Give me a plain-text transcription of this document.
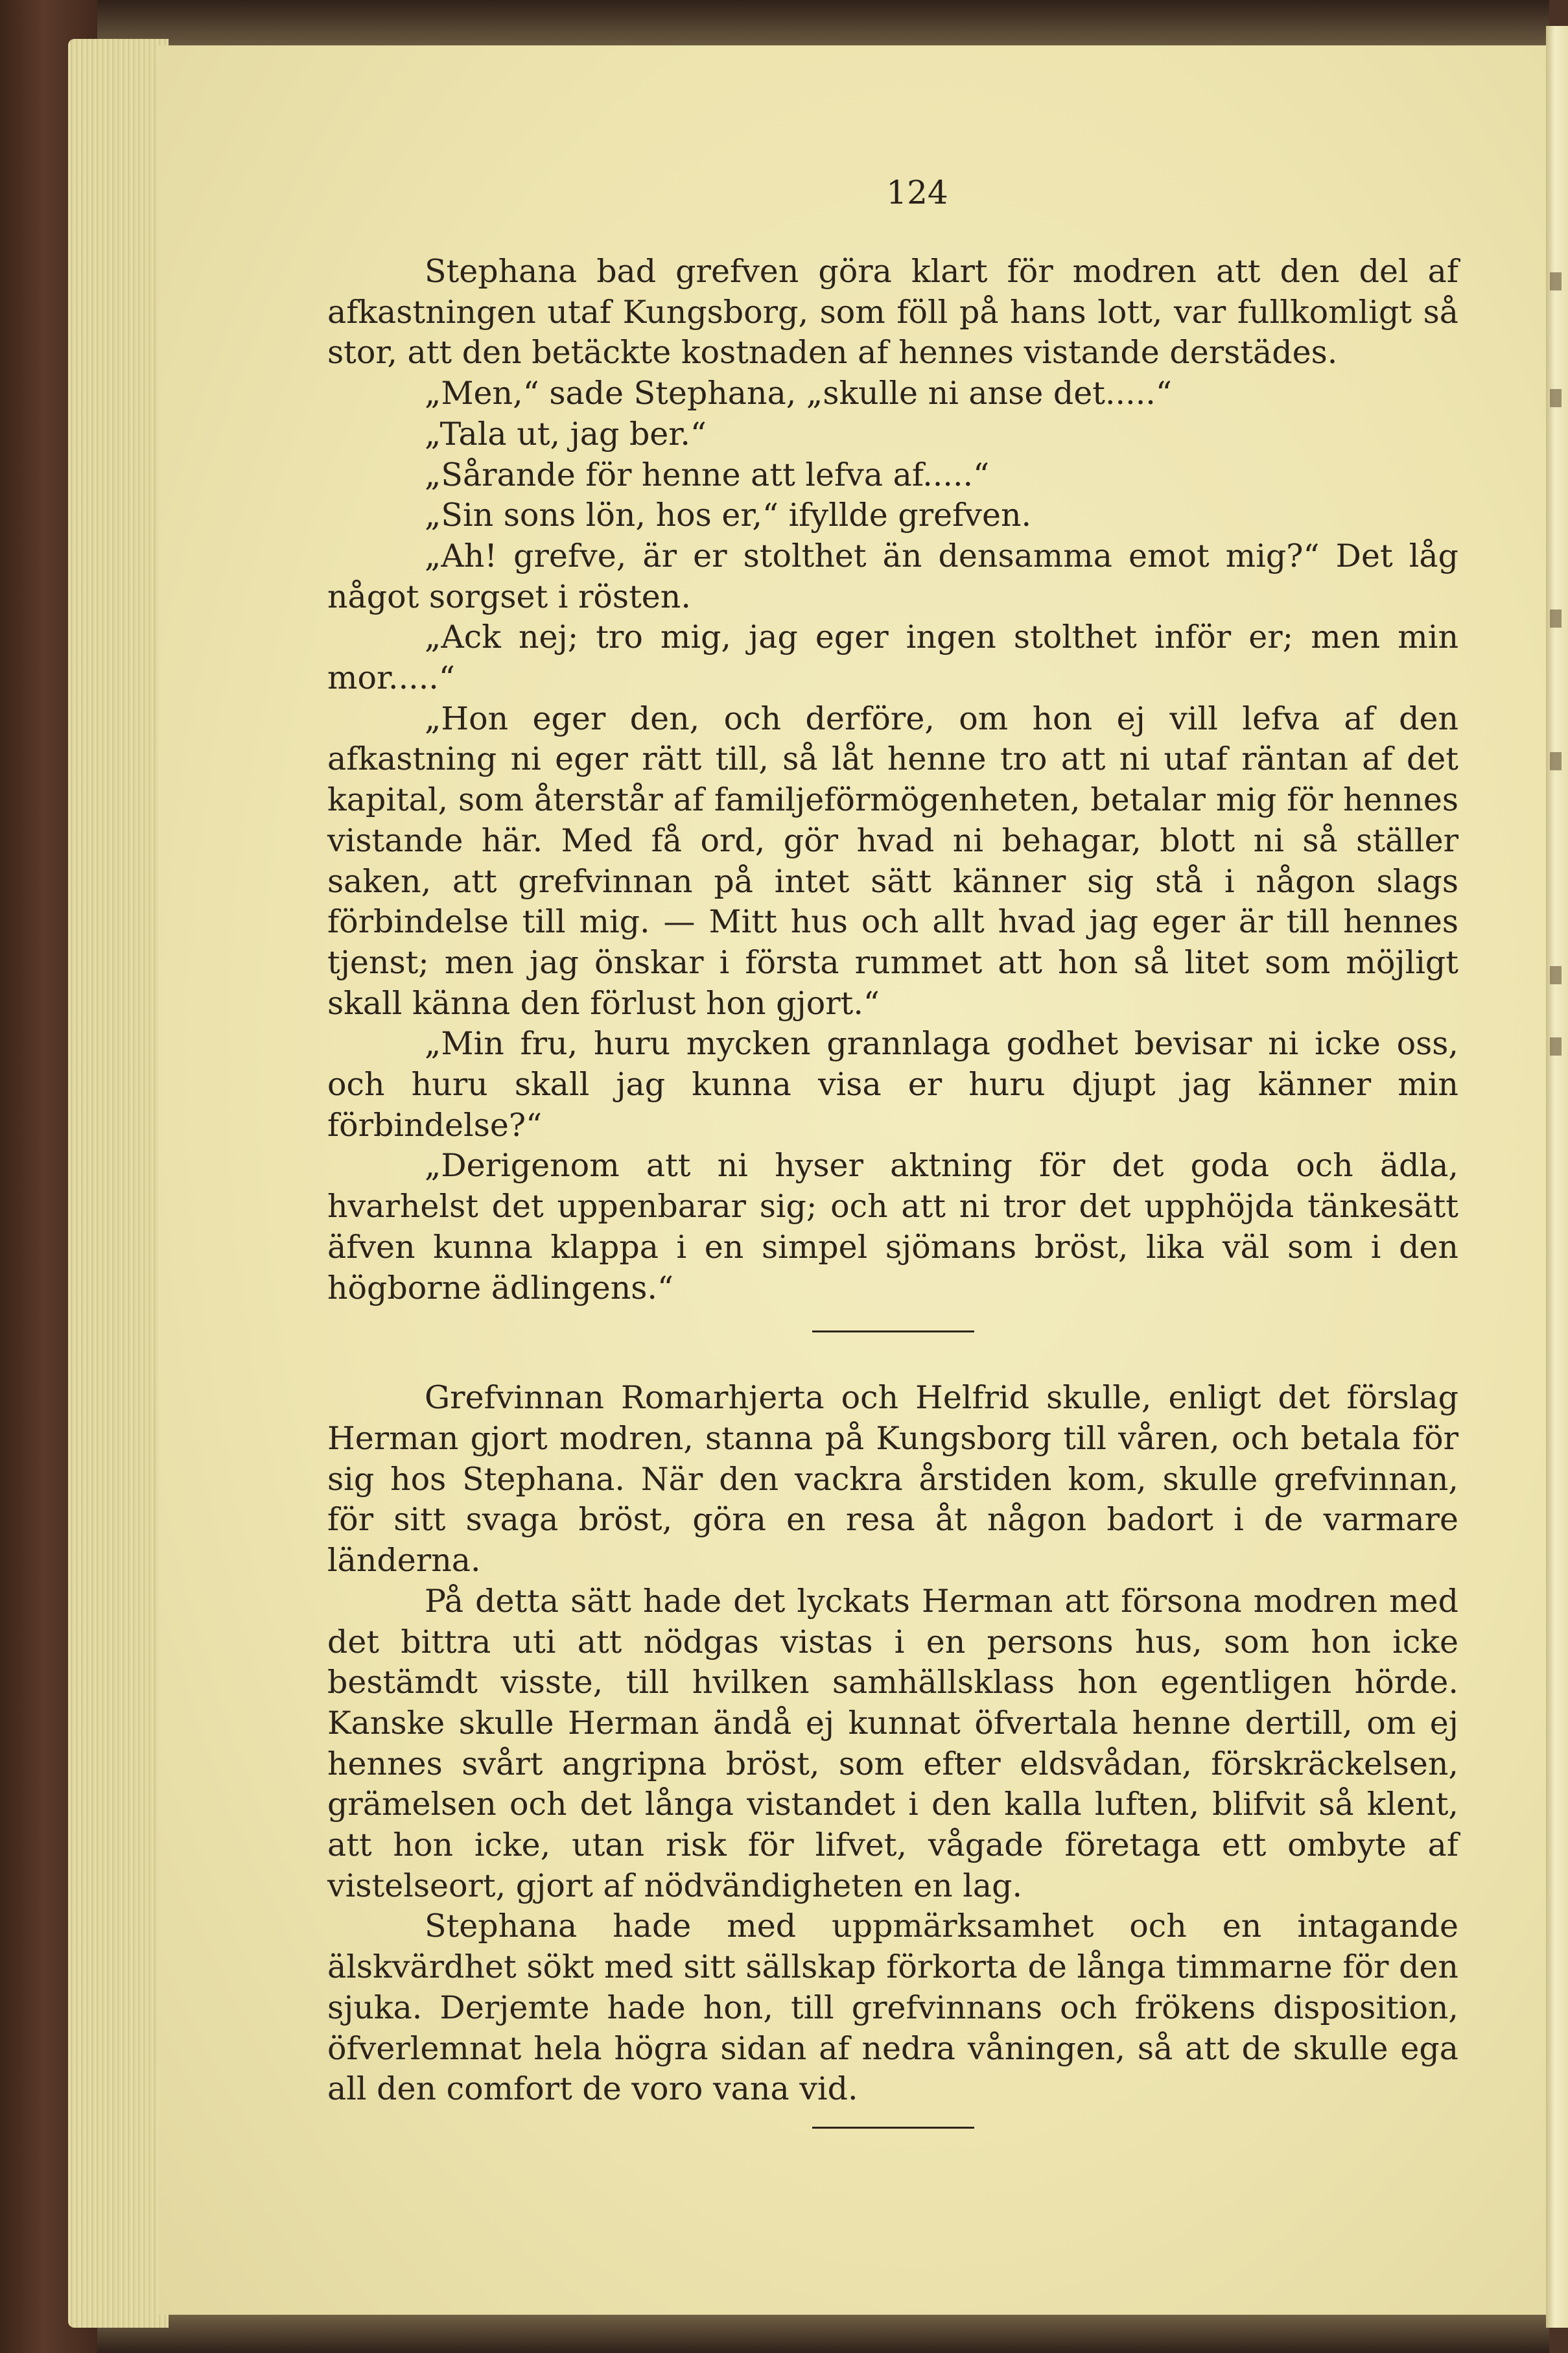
124

Stephana bad grefven göra klart för modren att den del af afkastningen utaf Kungsborg, som föll på hans lott, var fullkomligt så stor, att den betäckte kostnaden af hennes vistande derstädes.

„Men,“ sade Stephana, „skulle ni anse det.....“

„Tala ut, jag ber.“

„Sårande för henne att lefva af.....“

„Sin sons lön, hos er,“ ifyllde grefven.

„Ah! grefve, är er stolthet än densamma emot mig?“ Det låg något sorgset i rösten.

„Ack nej; tro mig, jag eger ingen stolthet inför er; men min mor.....“

„Hon eger den, och derföre, om hon ej vill lefva af den afkastning ni eger rätt till, så låt henne tro att ni utaf räntan af det kapital, som återstår af familjeförmögenheten, betalar mig för hennes vistande här. Med få ord, gör hvad ni behagar, blott ni så ställer saken, att grefvinnan på intet sätt känner sig stå i någon slags förbindelse till mig. — Mitt hus och allt hvad jag eger är till hennes tjenst; men jag önskar i första rummet att hon så litet som möjligt skall känna den förlust hon gjort.“

„Min fru, huru mycken grannlaga godhet bevisar ni icke oss, och huru skall jag kunna visa er huru djupt jag känner min förbindelse?“

„Derigenom att ni hyser aktning för det goda och ädla, hvarhelst det uppenbarar sig; och att ni tror det upphöjda tänkesätt äfven kunna klappa i en simpel sjömans bröst, lika väl som i den högborne ädlingens.“

Grefvinnan Romarhjerta och Helfrid skulle, enligt det förslag Herman gjort modren, stanna på Kungsborg till våren, och betala för sig hos Stephana. När den vackra årstiden kom, skulle grefvinnan, för sitt svaga bröst, göra en resa åt någon badort i de varmare länderna.

På detta sätt hade det lyckats Herman att försona modren med det bittra uti att nödgas vistas i en persons hus, som hon icke bestämdt visste, till hvilken samhällsklass hon egentligen hörde. Kanske skulle Herman ändå ej kunnat öfvertala henne dertill, om ej hennes svårt angripna bröst, som efter eldsvådan, förskräckelsen, grämelsen och det långa vistandet i den kalla luften, blifvit så klent, att hon icke, utan risk för lifvet, vågade företaga ett ombyte af vistelseort, gjort af nödvändigheten en lag.

Stephana hade med uppmärksamhet och en intagande älskvärdhet sökt med sitt sällskap förkorta de långa timmarne för den sjuka. Derjemte hade hon, till grefvinnans och frökens disposition, öfverlemnat hela högra sidan af nedra våningen, så att de skulle ega all den comfort de voro vana vid.
